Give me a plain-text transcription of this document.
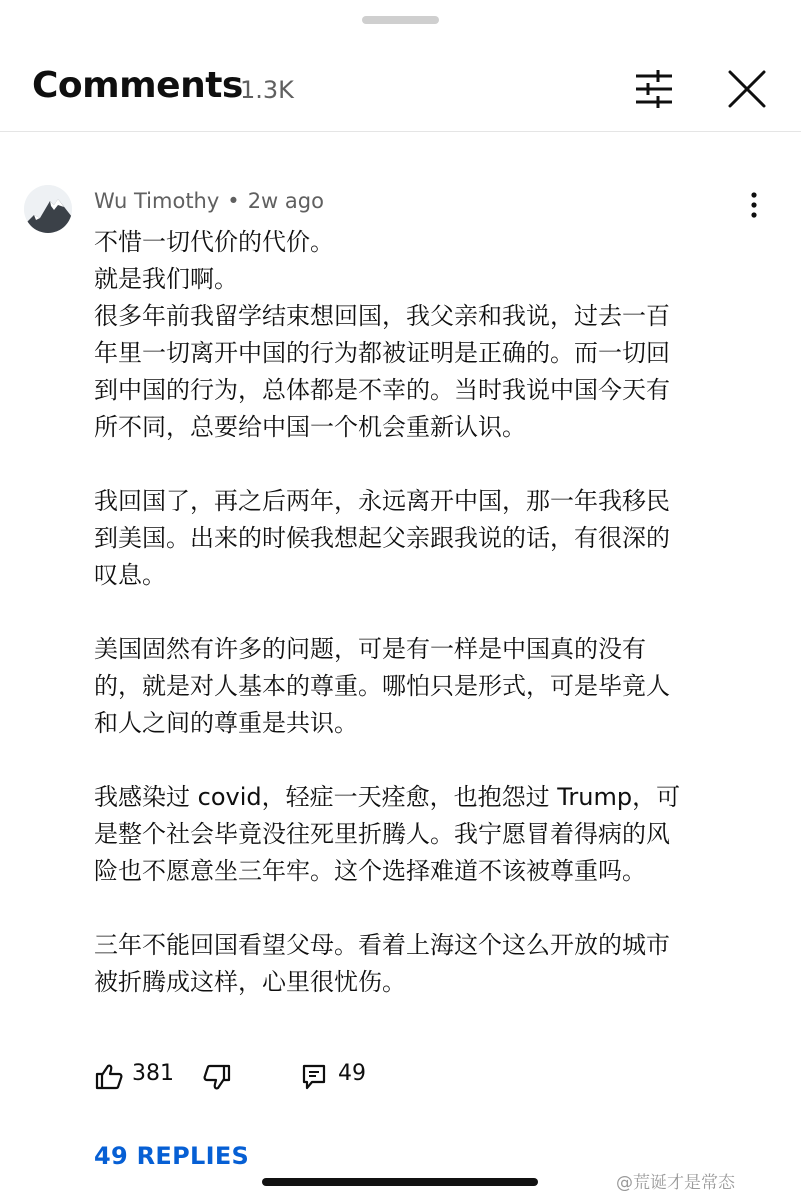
Comments
1.3K
Wu Timothy • 2w ago
不惜一切代价的代价。
就是我们啊。
很多年前我留学结束想回国，我父亲和我说，过去一百
年里一切离开中国的行为都被证明是正确的。而一切回
到中国的行为，总体都是不幸的。当时我说中国今天有
所不同，总要给中国一个机会重新认识。
我回国了，再之后两年，永远离开中国，那一年我移民
到美国。出来的时候我想起父亲跟我说的话，有很深的
叹息。
美国固然有许多的问题，可是有一样是中国真的没有
的，就是对人基本的尊重。哪怕只是形式，可是毕竟人
和人之间的尊重是共识。
我感染过 covid，轻症一天痊愈，也抱怨过 Trump，可
是整个社会毕竟没往死里折腾人。我宁愿冒着得病的风
险也不愿意坐三年牢。这个选择难道不该被尊重吗。
三年不能回国看望父母。看着上海这个这么开放的城市
被折腾成这样，心里很忧伤。
381	49
49 REPLIES
@荒诞才是常态
